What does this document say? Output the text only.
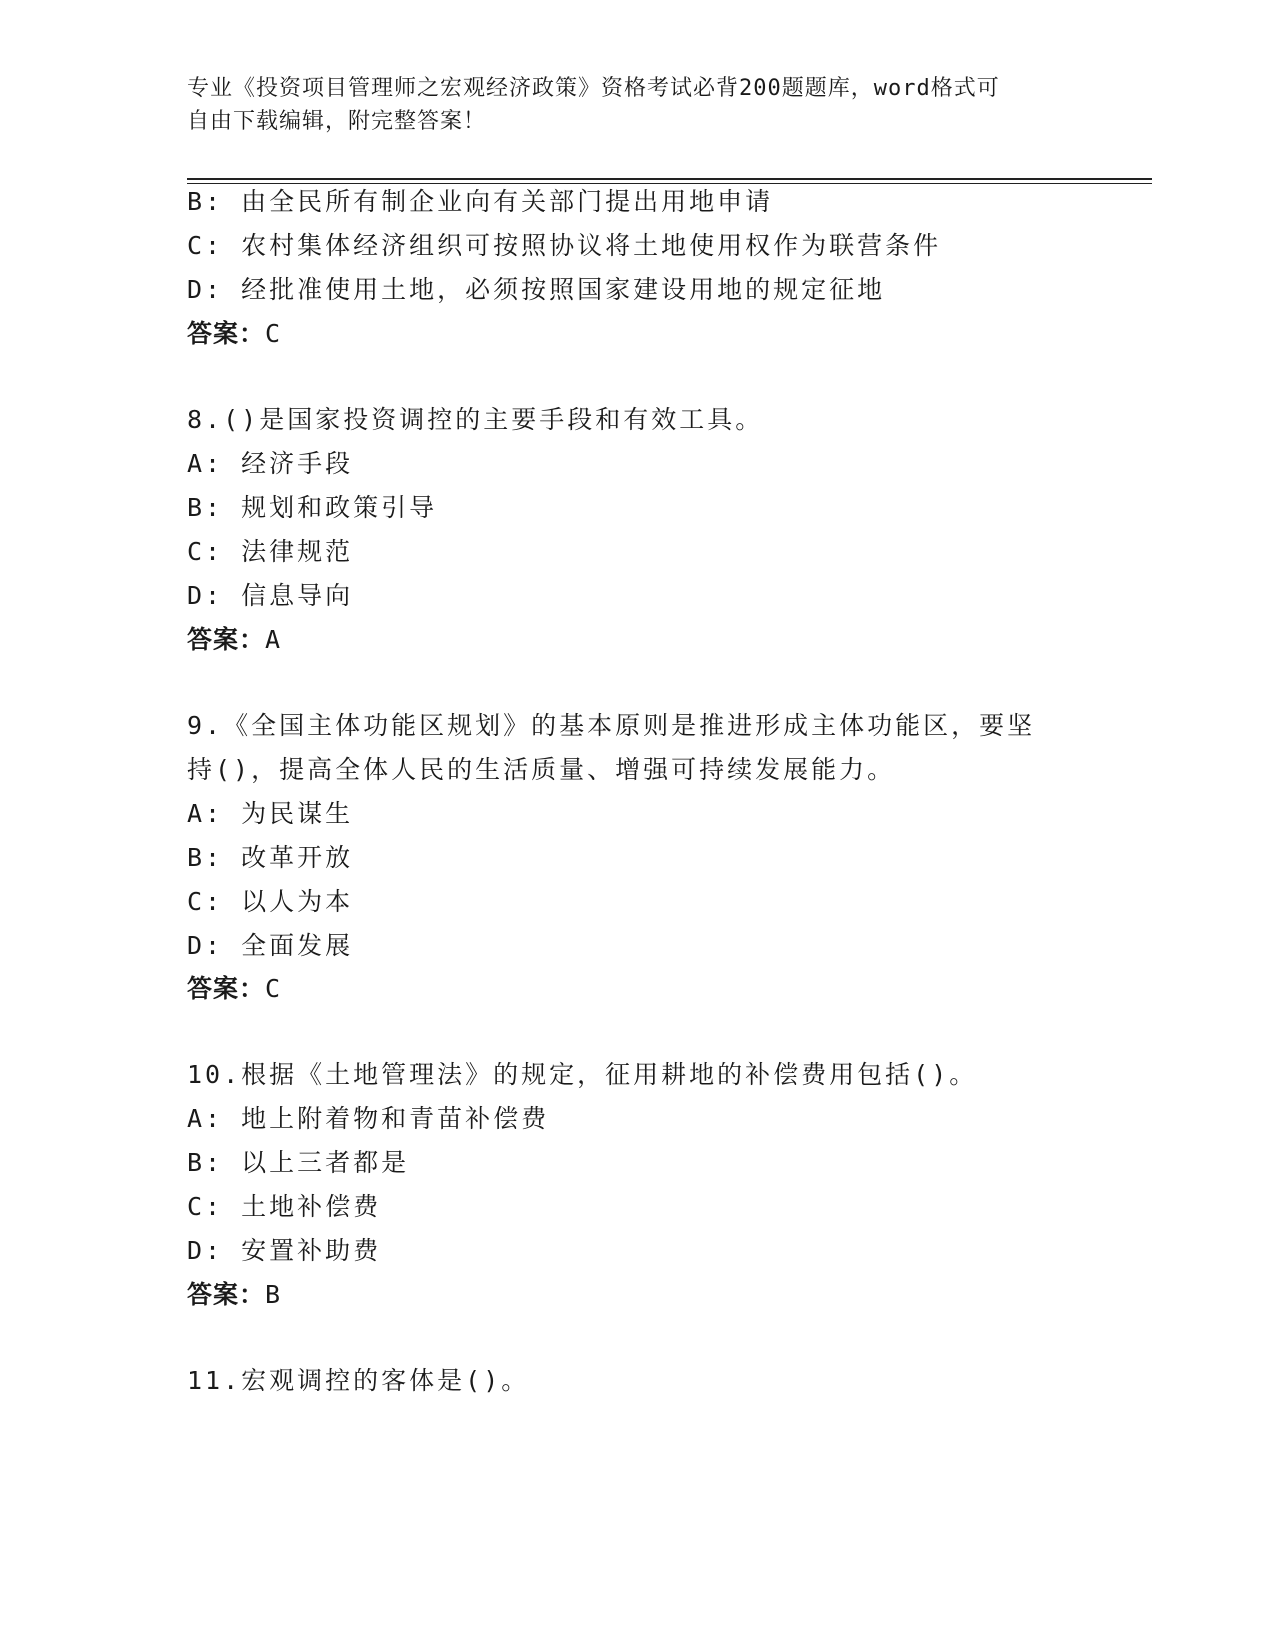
专业《投资项目管理师之宏观经济政策》资格考试必背200题题库，word格式可
自由下载编辑，附完整答案！
B: 由全民所有制企业向有关部门提出用地申请
C: 农村集体经济组织可按照协议将土地使用权作为联营条件
D: 经批准使用土地，必须按照国家建设用地的规定征地
答案：C
8.()是国家投资调控的主要手段和有效工具。
A: 经济手段
B: 规划和政策引导
C: 法律规范
D: 信息导向
答案：A
9.《全国主体功能区规划》的基本原则是推进形成主体功能区，要坚
持()，提高全体人民的生活质量、增强可持续发展能力。
A: 为民谋生
B: 改革开放
C: 以人为本
D: 全面发展
答案：C
10.根据《土地管理法》的规定，征用耕地的补偿费用包括()。
A: 地上附着物和青苗补偿费
B: 以上三者都是
C: 土地补偿费
D: 安置补助费
答案：B
11.宏观调控的客体是()。
